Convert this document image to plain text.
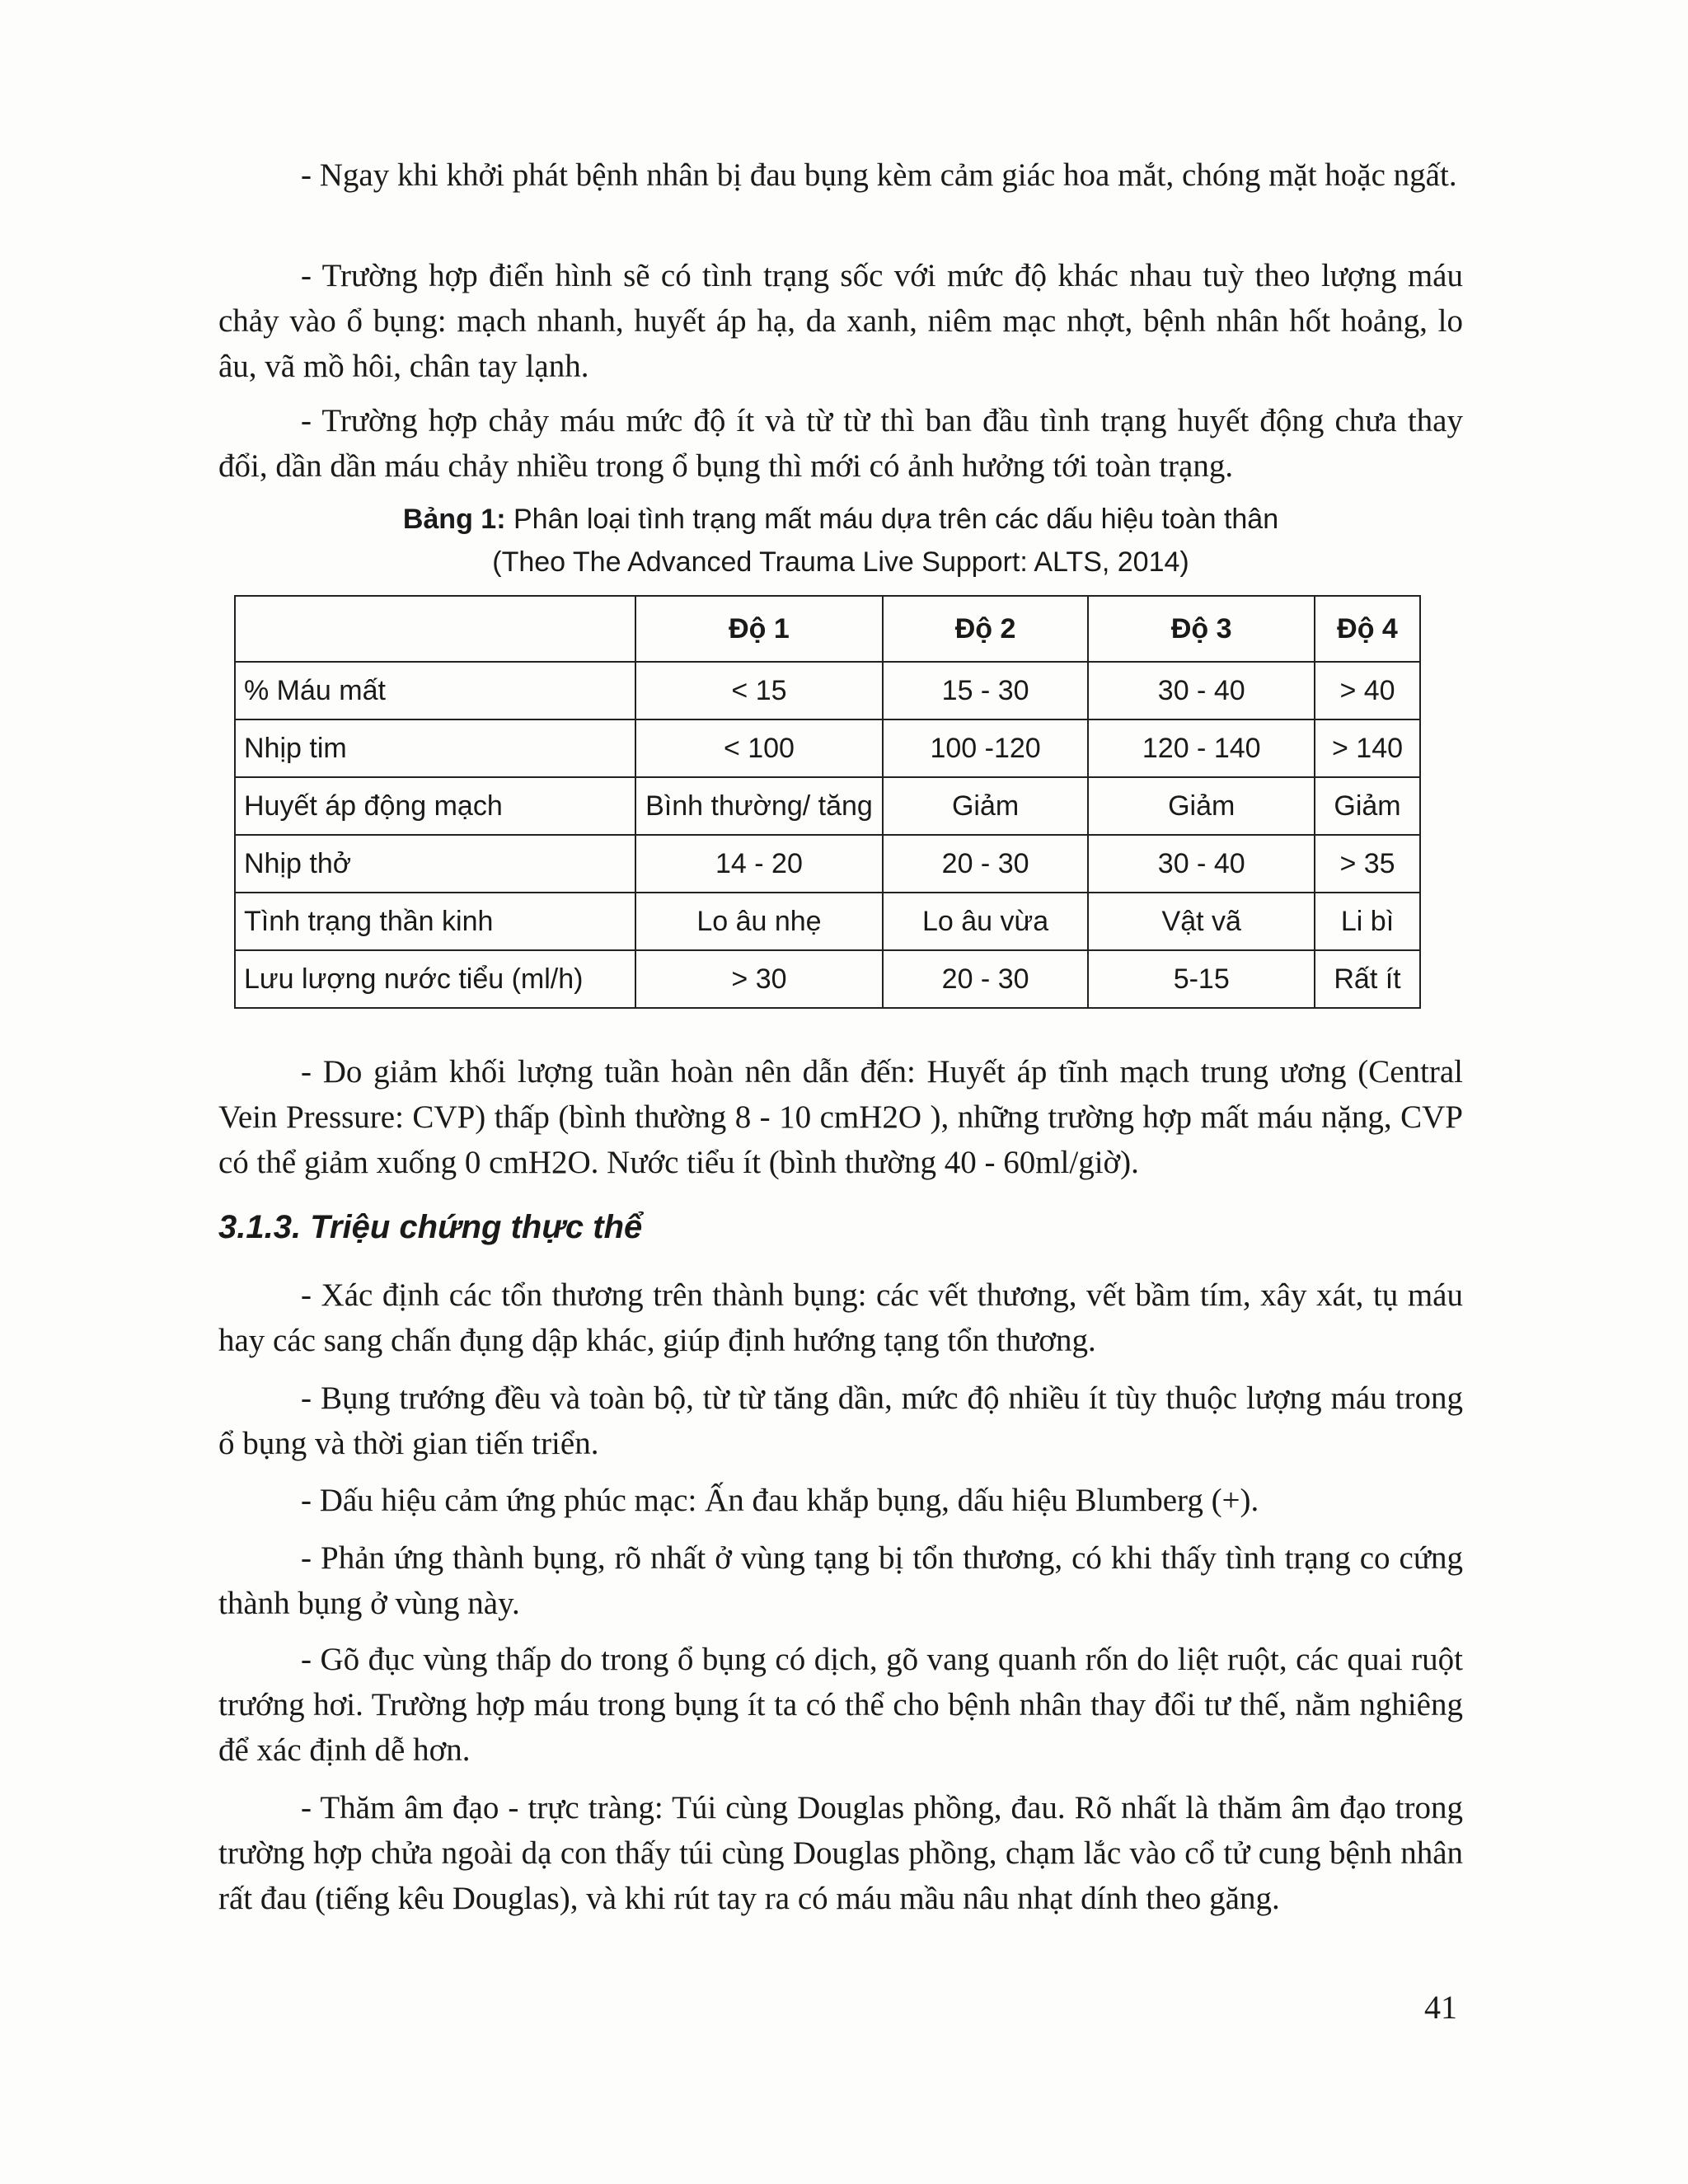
- Ngay khi khởi phát bệnh nhân bị đau bụng kèm cảm giác hoa mắt, chóng mặt hoặc ngất.

- Trường hợp điển hình sẽ có tình trạng sốc với mức độ khác nhau tuỳ theo lượng máu chảy vào ổ bụng: mạch nhanh, huyết áp hạ, da xanh, niêm mạc nhợt, bệnh nhân hốt hoảng, lo âu, vã mồ hôi, chân tay lạnh.

- Trường hợp chảy máu mức độ ít và từ từ thì ban đầu tình trạng huyết động chưa thay đổi, dần dần máu chảy nhiều trong ổ bụng thì mới có ảnh hưởng tới toàn trạng.

Bảng 1: Phân loại tình trạng mất máu dựa trên các dấu hiệu toàn thân
(Theo The Advanced Trauma Live Support: ALTS, 2014)

	Độ 1	Độ 2	Độ 3	Độ 4
% Máu mất	< 15	15 - 30	30 - 40	> 40
Nhịp tim	< 100	100 -120	120 - 140	> 140
Huyết áp động mạch	Bình thường/ tăng	Giảm	Giảm	Giảm
Nhịp thở	14 - 20	20 - 30	30 - 40	> 35
Tình trạng thần kinh	Lo âu nhẹ	Lo âu vừa	Vật vã	Li bì
Lưu lượng nước tiểu (ml/h)	> 30	20 - 30	5-15	Rất ít

- Do giảm khối lượng tuần hoàn nên dẫn đến: Huyết áp tĩnh mạch trung ương (Central Vein Pressure: CVP) thấp (bình thường 8 - 10 cmH2O ), những trường hợp mất máu nặng, CVP có thể giảm xuống 0 cmH2O. Nước tiểu ít (bình thường 40 - 60ml/giờ).

3.1.3. Triệu chứng thực thể

- Xác định các tổn thương trên thành bụng: các vết thương, vết bầm tím, xây xát, tụ máu hay các sang chấn đụng dập khác, giúp định hướng tạng tổn thương.

- Bụng trướng đều và toàn bộ, từ từ tăng dần, mức độ nhiều ít tùy thuộc lượng máu trong ổ bụng và thời gian tiến triển.

- Dấu hiệu cảm ứng phúc mạc: Ấn đau khắp bụng, dấu hiệu Blumberg (+).

- Phản ứng thành bụng, rõ nhất ở vùng tạng bị tổn thương, có khi thấy tình trạng co cứng thành bụng ở vùng này.

- Gõ đục vùng thấp do trong ổ bụng có dịch, gõ vang quanh rốn do liệt ruột, các quai ruột trướng hơi. Trường hợp máu trong bụng ít ta có thể cho bệnh nhân thay đổi tư thế, nằm nghiêng để xác định dễ hơn.

- Thăm âm đạo - trực tràng: Túi cùng Douglas phồng, đau. Rõ nhất là thăm âm đạo trong trường hợp chửa ngoài dạ con thấy túi cùng Douglas phồng, chạm lắc vào cổ tử cung bệnh nhân rất đau (tiếng kêu Douglas), và khi rút tay ra có máu mầu nâu nhạt dính theo găng.

41
